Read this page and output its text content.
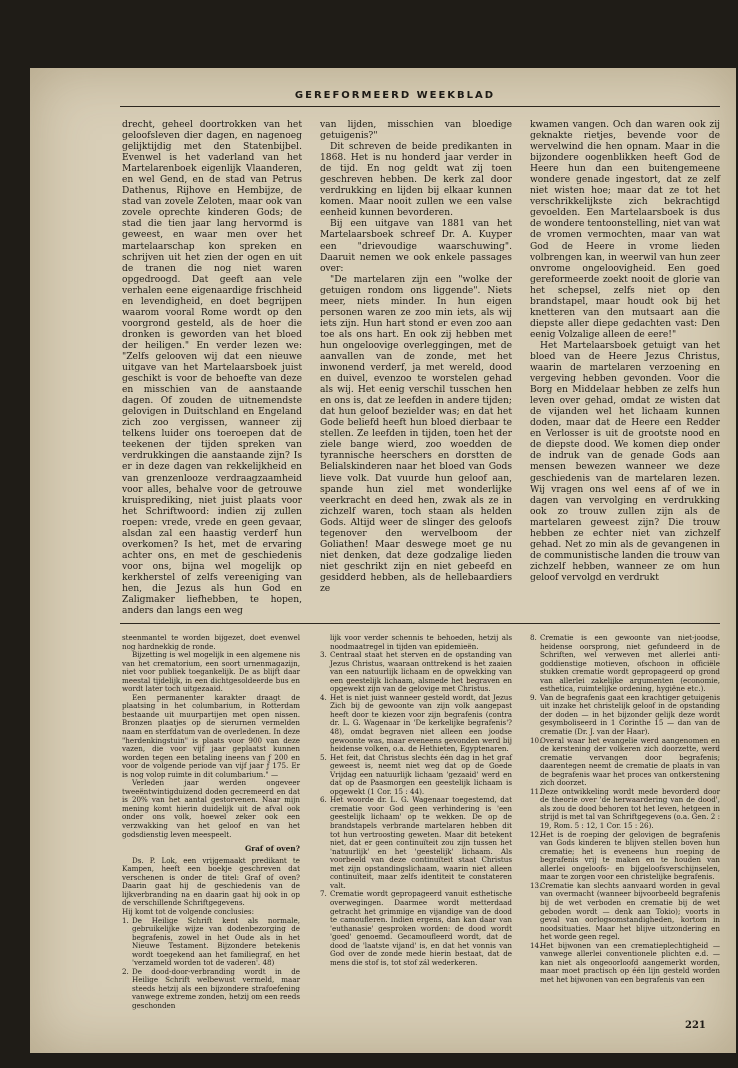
GEREFORMEERD WEEKBLAD

drecht, geheel doortrokken van het geloofsleven dier dagen, en nagenoeg gelijktijdig met den Statenbijbel. Evenwel is het vaderland van het Martelarenboek eigenlijk Vlaanderen, en wel Gend, en de stad van Petrus Dathenus, Rijhove en Hembijze, de stad van zovele Zeloten, maar ook van zovele oprechte kinderen Gods; de stad die tien jaar lang hervormd is geweest, en waar men over het martelaarschap kon spreken en schrijven uit het zien der ogen en uit de tranen die nog niet waren opgedroogd. Dat geeft aan vele verhalen eene eigenaardige frischheid en levendigheid, en doet begrijpen waarom vooral Rome wordt op den voorgrond gesteld, als de hoer die dronken is geworden van het bloed der heiligen." En verder lezen we: "Zelfs gelooven wij dat een nieuwe uitgave van het Martelaarsboek juist geschikt is voor de behoefte van deze en misschien van de aanstaande dagen. Of zouden de uitnemendste gelovigen in Duitschland en Engeland zich zoo vergissen, wanneer zij telkens luider ons toeroepen dat de teekenen der tijden spreken van verdrukkingen die aanstaande zijn? Is er in deze dagen van rekkelijkheid en van grenzenlooze verdraagzaamheid voor alles, behalve voor de getrouwe kruisprediking, niet juist plaats voor het Schriftwoord: indien zij zullen roepen: vrede, vrede en geen gevaar, alsdan zal een haastig verderf hun overkomen? Is het, met de ervaring achter ons, en met de geschiedenis voor ons, bijna wel mogelijk op kerkherstel of zelfs vereeniging van hen, die Jezus als hun God en Zaligmaker liefhebben, te hopen, anders dan langs een weg

van lijden, misschien van bloedige getuigenis?"

Dit schreven de beide predikanten in 1868. Het is nu honderd jaar verder in de tijd. En nog geldt wat zij toen geschreven hebben. De kerk zal door verdrukking en lijden bij elkaar kunnen komen. Maar nooit zullen we een valse eenheid kunnen bevorderen.

Bij een uitgave van 1881 van het Martelaarsboek schreef Dr. A. Kuyper een "drievoudige waarschuwing". Daaruit nemen we ook enkele passages over:

"De martelaren zijn een "wolke der getuigen rondom ons liggende". Niets meer, niets minder. In hun eigen personen waren ze zoo min iets, als wij iets zijn. Hun hart stond er even zoo aan toe als ons hart. En ook zij hebben met hun ongeloovige overleggingen, met de aanvallen van de zonde, met het inwonend verderf, ja met wereld, dood en duivel, evenzoo te worstelen gehad als wij. Het eenig verschil tusschen hen en ons is, dat ze leefden in andere tijden; dat hun geloof bezielder was; en dat het Gode beliefd heeft hun bloed dierbaar te stellen. Ze leefden in tijden, toen het der ziele bange wierd, zoo woedden de tyrannische heerschers en dorstten de Belialskinderen naar het bloed van Gods lieve volk. Dat vuurde hun geloof aan, spande hun ziel met wonderlijke veerkracht en deed hen, zwak als ze in zichzelf waren, toch staan als helden Gods. Altijd weer de slinger des geloofs tegenover den wervelboom der Goliathen! Maar deswege moet ge nu niet denken, dat deze godzalige lieden niet geschrikt zijn en niet gebeefd en gesidderd hebben, als de hellebaardiers ze

kwamen vangen. Och dan waren ook zij geknakte rietjes, bevende voor de wervelwind die hen opnam. Maar in die bijzondere oogenblikken heeft God de Heere hun dan een buitengemeene wondere genade ingestort, dat ze zelf niet wisten hoe; maar dat ze tot het verschrikkelijkste zich bekrachtigd gevoelden. Een Martelaarsboek is dus de wondere tentoonstelling, niet van wat de vromen vermochten, maar van wat God de Heere in vrome lieden volbrengen kan, in weerwil van hun zeer onvrome ongeloovigheid. Een goed gereformeerde zoekt nooit de glorie van het schepsel, zelfs niet op den brandstapel, maar houdt ook bij het knetteren van den mutsaart aan die diepste aller diepe gedachten vast: Den eenig Volzalige alleen de eere!"

Het Martelaarsboek getuigt van het bloed van de Heere Jezus Christus, waarin de martelaren verzoening en vergeving hebben gevonden. Voor die Borg en Middelaar hebben ze zelfs hun leven over gehad, omdat ze wisten dat de vijanden wel het lichaam kunnen doden, maar dat de Heere een Redder en Verlosser is uit de grootste nood en de diepste dood. We komen diep onder de indruk van de genade Gods aan mensen bewezen wanneer we deze geschiedenis van de martelaren lezen. Wij vragen ons wel eens af of we in dagen van vervolging en verdrukking ook zo trouw zullen zijn als de martelaren geweest zijn? Die trouw hebben ze echter niet van zichzelf gehad. Net zo min als de gevangenen in de communistische landen die trouw van zichzelf hebben, wanneer ze om hun geloof vervolgd en verdrukt

steenmantel te worden bijgezet, doet evenwel nog hardnekkig de ronde.

Bijzetting is wel mogelijk in een algemene nis van het crematorium, een soort urnenmagazijn, niet voor publiek toegankelijk. De as blijft daar meestal tijdelijk, in een dichtgesoldeerde bus en wordt later toch uitgezaaid.

Een permanenter karakter draagt de plaatsing in het columbarium, in Rotterdam bestaande uit muurpartijen met open nissen. Bronzen plaatjes op de sierurnen vermelden naam en sterfdatum van de overledenen. In deze "herdenkingstuin" is plaats voor 900 van deze vazen, die voor vijf jaar geplaatst kunnen worden tegen een betaling ineens van ƒ 200 en voor de volgende periode van vijf jaar ƒ 175. Er is nog volop ruimte in dit columbarium." —

Verleden jaar werden ongeveer tweeëntwintigduizend doden gecremeerd en dat is 20% van het aantal gestorvenen. Naar mijn mening komt hierin duidelijk uit de afval ook onder ons volk, hoewel zeker ook een verzwakking van het geloof en van het godsdienstig leven meespeelt.

Graf of oven?

Ds. P. Lok, een vrijgemaakt predikant te Kampen, heeft een boekje geschreven dat verschenen is onder de titel: Graf of oven? Daarin gaat hij de geschiedenis van de lijkverbranding na en daarin gaat hij ook in op de verschillende Schriftgegevens.

Hij komt tot de volgende conclusies:

1. De Heilige Schrift kent als normale, gebruikelijke wijze van dodenbezorging de begrafenis, zowel in het Oude als in het Nieuwe Testament. Bijzondere betekenis wordt toegekend aan het familiegraf, en het 'verzameld worden tot de vaderen'. 48)

2. De dood-door-verbranding wordt in de Heilige Schrift welbewust vermeld, maar steeds hetzij als een bijzondere strafoefening vanwege extreme zonden, hetzij om een reeds geschonden

lijk voor verder schennis te behoeden, hetzij als noodmaatregel in tijden van epidemieën.

3. Centraal staat het sterven en de opstanding van Jezus Christus, waaraan onttrekend is het zaaien van een natuurlijk lichaam en de opwekking van een geestelijk lichaam, alsmede het begraven en opgewekt zijn van de gelovige met Christus.

4. Het is niet juist wanneer gesteld wordt, dat Jezus Zich bij de gewoonte van zijn volk aangepast heeft door te kiezen voor zijn begrafenis (contra dr. L. G. Wagenaar in 'De kerkelijke begrafenis'? 48), omdat begraven niet alleen een joodse gewoonte was, maar eveneens gevonden werd bij heidense volken, o.a. de Hethieten, Egyptenaren.

5. Het feit, dat Christus slechts één dag in het graf geweest is, neemt niet weg dat op de Goede Vrijdag een natuurlijk lichaam 'gezaaid' werd en dat op de Paasmorgen een geestelijk lichaam is opgewekt (1 Cor. 15 : 44).

6. Het woorde dr. L. G. Wagenaar toegestemd, dat crematie voor God geen verhindering is 'een geestelijk lichaam' op te wekken. De op de brandstapels verbrande martelaren hebben dit tot hun vertroosting geweten. Maar dit betekent niet, dat er geen continuïteit zou zijn tussen het 'natuurlijk' en het 'geestelijk' lichaam. Als voorbeeld van deze continuïteit staat Christus met zijn opstandingslichaam, waarin niet alleen continuïteit, maar zelfs identiteit te constateren valt.

7. Crematie wordt gepropageerd vanuit esthetische overwegingen. Daarmee wordt metterdaad getracht het grimmige en vijandige van de dood te camoufleren. Indien ergens, dan kan daar van 'euthanasie' gesproken worden: de dood wordt 'goed' genoemd. Gecamoufleerd wordt, dat de dood de 'laatste vijand' is, en dat het vonnis van God over de zonde mede hierin bestaat, dat de mens die stof is, tot stof zál wederkeren.

8. Crematie is een gewoonte van niet-joodse, heidense oorsprong, niet gefundeerd in de Schriften, wel verweven met allerlei anti-goddienstige motieven, ofschoon in officiële stukken crematie wordt gepropageerd op grond van allerlei zakelijke argumenten (economie, esthetica, ruimtelijke ordening, hygiëne etc.).

9. Van de begrafenis gaat een krachtiger getuigenis uit inzake het christelijk geloof in de opstanding der doden — in het bijzonder gelijk deze wordt gesymboliseerd in 1 Corinthe 15 — dan van de crematie (Dr. J. van der Haar).

10.
Overal waar het evangelie werd aangenomen en de kerstening der volkeren zich doorzette, werd crematie vervangen door begrafenis; daarentegen neemt de crematie de plaats in van de begrafenis waar het proces van ontkerstening zich doorzet.

11.
Deze ontwikkeling wordt mede bevorderd door de theorie over 'de herwaardering van de dood', als zou de dood behoren tot het leven, hetgeen in strijd is met tal van Schriftgegevens (o.a. Gen. 2 : 19, Rom. 5 : 12, 1 Cor. 15 : 26).

12.
Het is de roeping der gelovigen de begrafenis van Gods kinderen te blijven stellen boven hun crematie; het is eveneens hun roeping de begrafenis vrij te maken en te houden van allerlei ongeloofs- en bijgeloofsverschijnselen, maar te zorgen voor een christelijke begrafenis.

13.
Crematie kan slechts aanvaard worden in geval van overmacht (wanneer bijvoorbeeld begrafenis bij de wet verboden en crematie bij de wet geboden wordt — denk aan Tokio); voorts in geval van oorlogsomstandigheden, kortom in noodsituaties. Maar het blijve uitzondering en het worde geen regel.

14.
Het bijwonen van een crematieplechtigheid — vanwege allerlei conventionele plichten e.d. — kan niet als ongeoorloofd aangemerkt worden, maar moet practisch op één lijn gesteld worden met het bijwonen van een begrafenis van een

221
